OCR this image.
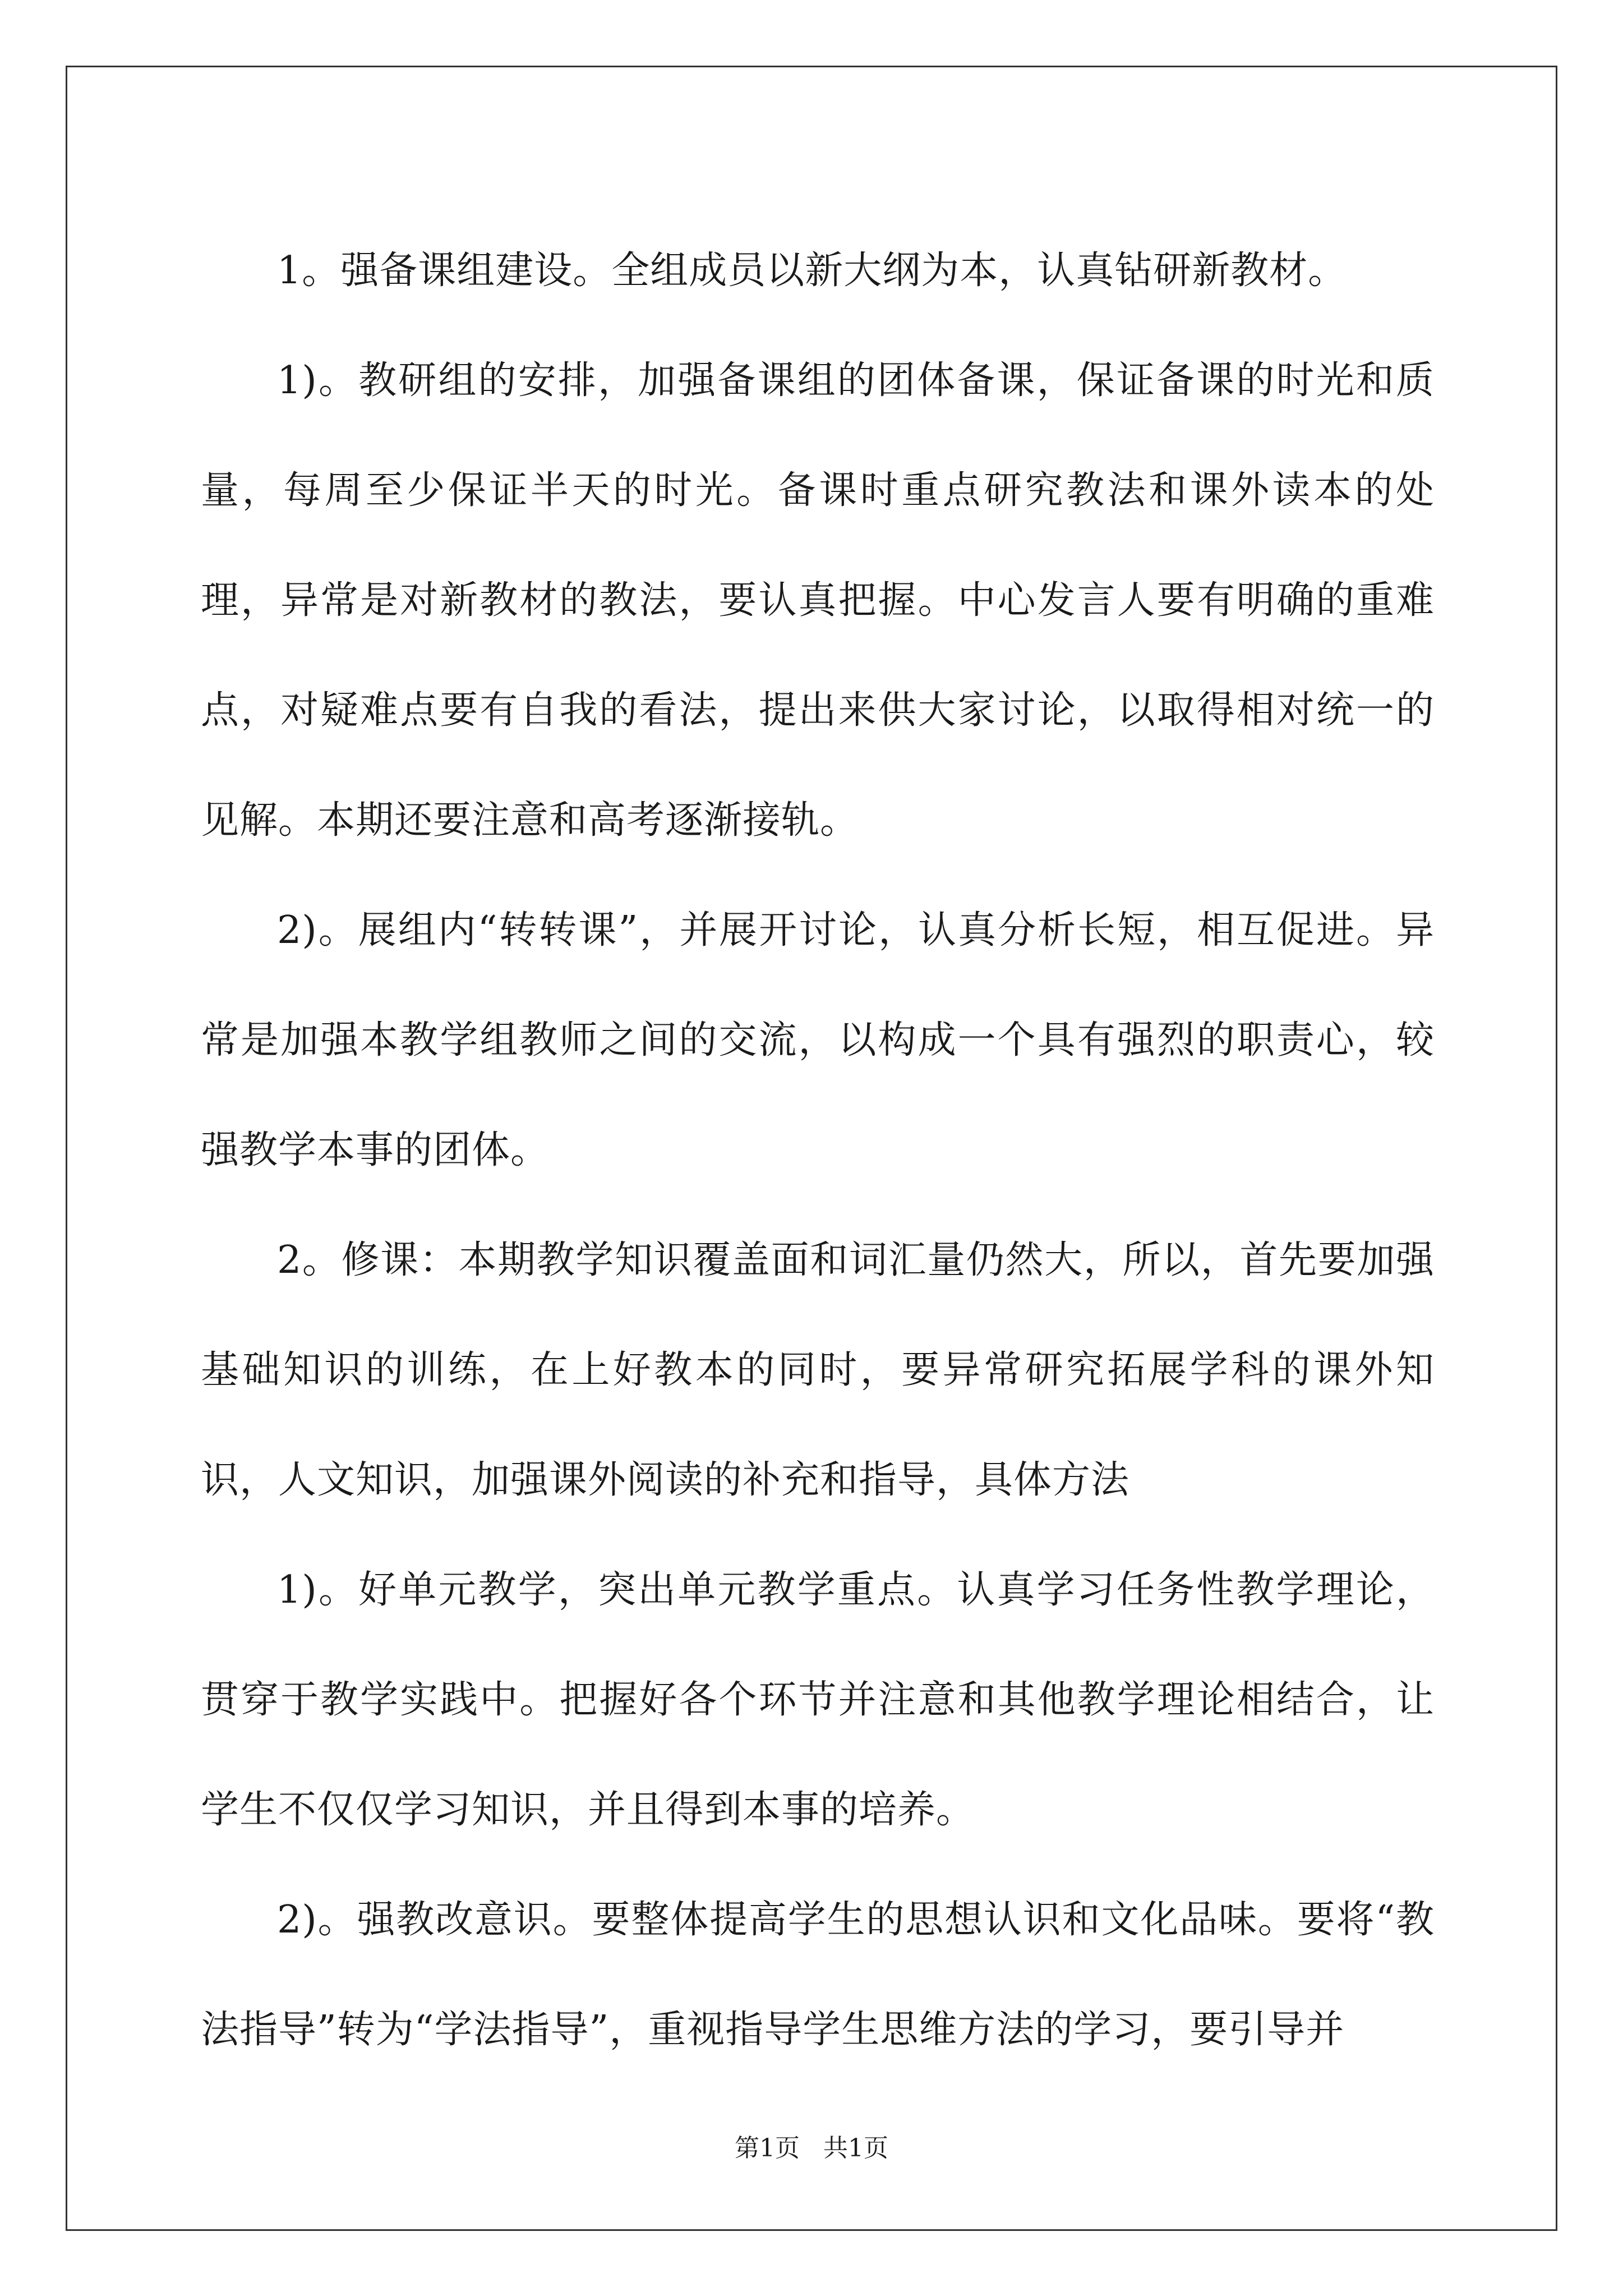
1。强备课组建设。全组成员以新大纲为本，认真钻研新教材。

1)。教研组的安排，加强备课组的团体备课，保证备课的时光和质量，每周至少保证半天的时光。备课时重点研究教法和课外读本的处理，异常是对新教材的教法，要认真把握。中心发言人要有明确的重难点，对疑难点要有自我的看法，提出来供大家讨论，以取得相对统一的见解。本期还要注意和高考逐渐接轨。

2)。展组内“转转课”，并展开讨论，认真分析长短，相互促进。异常是加强本教学组教师之间的交流，以构成一个具有强烈的职责心，较强教学本事的团体。

2。修课：本期教学知识覆盖面和词汇量仍然大，所以，首先要加强基础知识的训练，在上好教本的同时，要异常研究拓展学科的课外知识，人文知识，加强课外阅读的补充和指导，具体方法

1)。好单元教学，突出单元教学重点。认真学习任务性教学理论，贯穿于教学实践中。把握好各个环节并注意和其他教学理论相结合，让学生不仅仅学习知识，并且得到本事的培养。

2)。强教改意识。要整体提高学生的思想认识和文化品味。要将“教法指导”转为“学法指导”，重视指导学生思维方法的学习，要引导并

第1页 共1页
